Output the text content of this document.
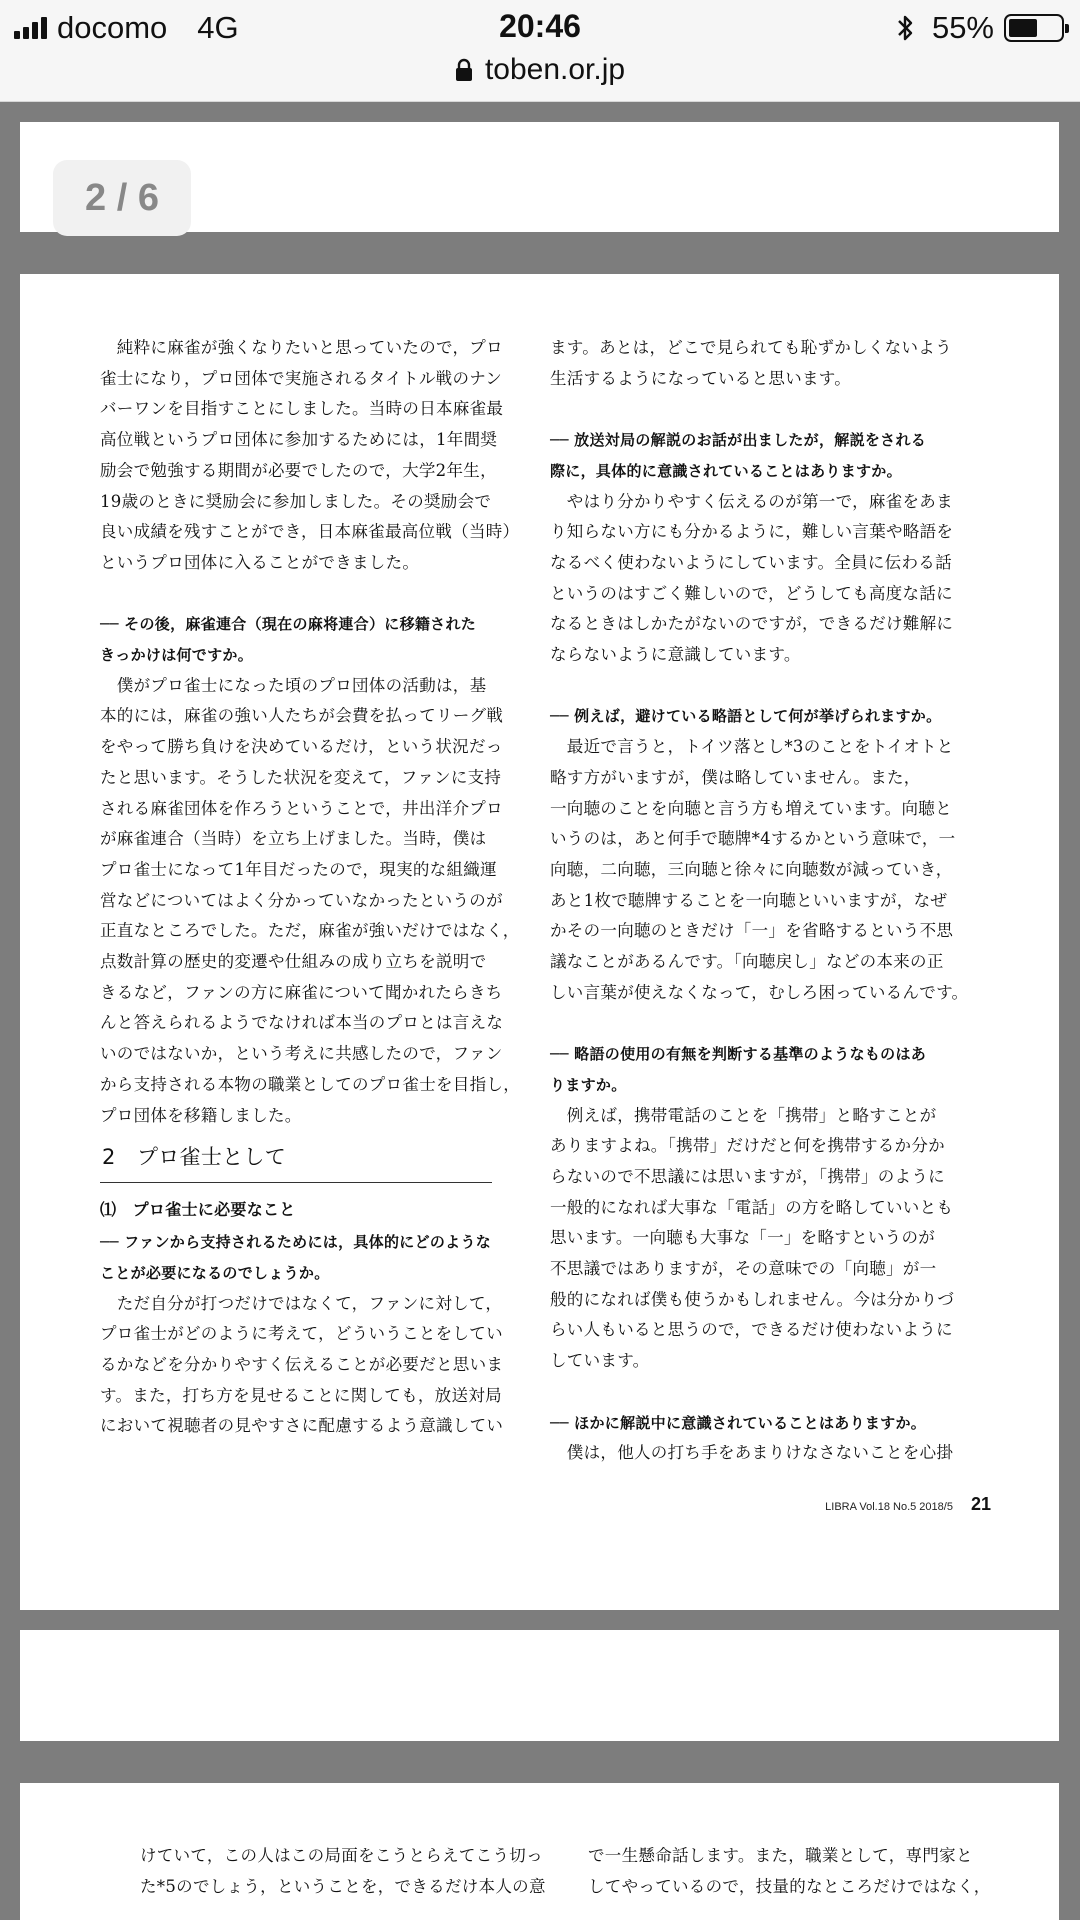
docomo 4G	20:46	55%
toben.or.jp

　純粋に麻雀が強くなりたいと思っていたので，プロ

雀士になり，プロ団体で実施されるタイトル戦のナン

バーワンを目指すことにしました。当時の日本麻雀最

高位戦というプロ団体に参加するためには，1年間奨

励会で勉強する期間が必要でしたので，大学2年生，

19歳のときに奨励会に参加しました。その奨励会で

良い成績を残すことができ，日本麻雀最高位戦（当時）

というプロ団体に入ることができました。

── その後，麻雀連合（現在の麻将連合）に移籍された

きっかけは何ですか。

　僕がプロ雀士になった頃のプロ団体の活動は，基

本的には，麻雀の強い人たちが会費を払ってリーグ戦

をやって勝ち負けを決めているだけ，という状況だっ

たと思います。そうした状況を変えて，ファンに支持

される麻雀団体を作ろうということで，井出洋介プロ

が麻雀連合（当時）を立ち上げました。当時，僕は

プロ雀士になって1年目だったので，現実的な組織運

営などについてはよく分かっていなかったというのが

正直なところでした。ただ，麻雀が強いだけではなく，

点数計算の歴史的変遷や仕組みの成り立ちを説明で

きるなど，ファンの方に麻雀について聞かれたらきち

んと答えられるようでなければ本当のプロとは言えな

いのではないか，という考えに共感したので，ファン

から支持される本物の職業としてのプロ雀士を目指し，

プロ団体を移籍しました。

2　プロ雀士として
⑴　プロ雀士に必要なこと

── ファンから支持されるためには，具体的にどのような

ことが必要になるのでしょうか。

　ただ自分が打つだけではなくて，ファンに対して，

プロ雀士がどのように考えて，どういうことをしてい

るかなどを分かりやすく伝えることが必要だと思いま

す。また，打ち方を見せることに関しても，放送対局

において視聴者の見やすさに配慮するよう意識してい

ます。あとは，どこで見られても恥ずかしくないよう

生活するようになっていると思います。

── 放送対局の解説のお話が出ましたが，解説をされる

際に，具体的に意識されていることはありますか。

　やはり分かりやすく伝えるのが第一で，麻雀をあま

り知らない方にも分かるように，難しい言葉や略語を

なるべく使わないようにしています。全員に伝わる話

というのはすごく難しいので，どうしても高度な話に

なるときはしかたがないのですが，できるだけ難解に

ならないように意識しています。

── 例えば，避けている略語として何が挙げられますか。

　最近で言うと，トイツ落とし*3のことをトイオトと

略す方がいますが，僕は略していません。また，

一向聴のことを向聴と言う方も増えています。向聴と

いうのは，あと何手で聴牌*4するかという意味で，一

向聴，二向聴，三向聴と徐々に向聴数が減っていき，

あと1枚で聴牌することを一向聴といいますが，なぜ

かその一向聴のときだけ「一」を省略するという不思

議なことがあるんです。「向聴戻し」などの本来の正

しい言葉が使えなくなって，むしろ困っているんです。

── 略語の使用の有無を判断する基準のようなものはあ

りますか。

　例えば，携帯電話のことを「携帯」と略すことが

ありますよね。「携帯」だけだと何を携帯するか分か

らないので不思議には思いますが，「携帯」のように

一般的になれば大事な「電話」の方を略していいとも

思います。一向聴も大事な「一」を略すというのが

不思議ではありますが，その意味での「向聴」が一

般的になれば僕も使うかもしれません。今は分かりづ

らい人もいると思うので，できるだけ使わないように

しています。

── ほかに解説中に意識されていることはありますか。

　僕は，他人の打ち手をあまりけなさないことを心掛

LIBRA Vol.18 No.5 2018/5 21

けていて，この人はこの局面をこうとらえてこう切っ

た*5のでしょう，ということを，できるだけ本人の意

で一生懸命話します。また，職業として，専門家と

してやっているので，技量的なところだけではなく，

2 / 6
